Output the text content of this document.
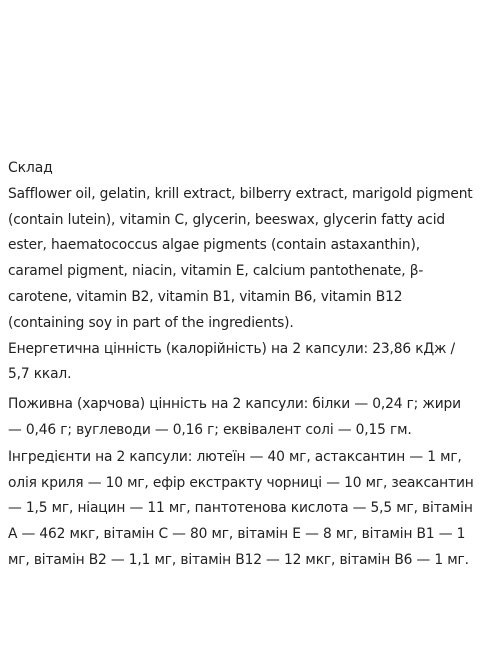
Склад

Safflower oil, gelatin, krill extract, bilberry extract, marigold pigment (contain lutein), vitamin C, glycerin, beeswax, glycerin fatty acid ester, haematococcus algae pigments (contain astaxanthin), caramel pigment, niacin, vitamin E, calcium pantothenate, β-carotene, vitamin B2, vitamin B1, vitamin B6, vitamin B12 (containing soy in part of the ingredients).

Енергетична цінність (калорійність) на 2 капсули: 23,86 кДж / 5,7 ккал.

Поживна (харчова) цінність на 2 капсули: білки — 0,24 г; жири — 0,46 г; вуглеводи — 0,16 г; еквівалент солі — 0,15 гм.

Інгредієнти на 2 капсули: лютеїн — 40 мг, астаксантин — 1 мг, олія криля — 10 мг, ефір екстракту чорниці — 10 мг, зеаксантин — 1,5 мг, ніацин — 11 мг, пантотенова кислота — 5,5 мг, вітамін А — 462 мкг, вітамін С — 80 мг, вітамін Е — 8 мг, вітамін В1 — 1 мг, вітамін В2 — 1,1 мг, вітамін В12 — 12 мкг, вітамін В6 — 1 мг.
